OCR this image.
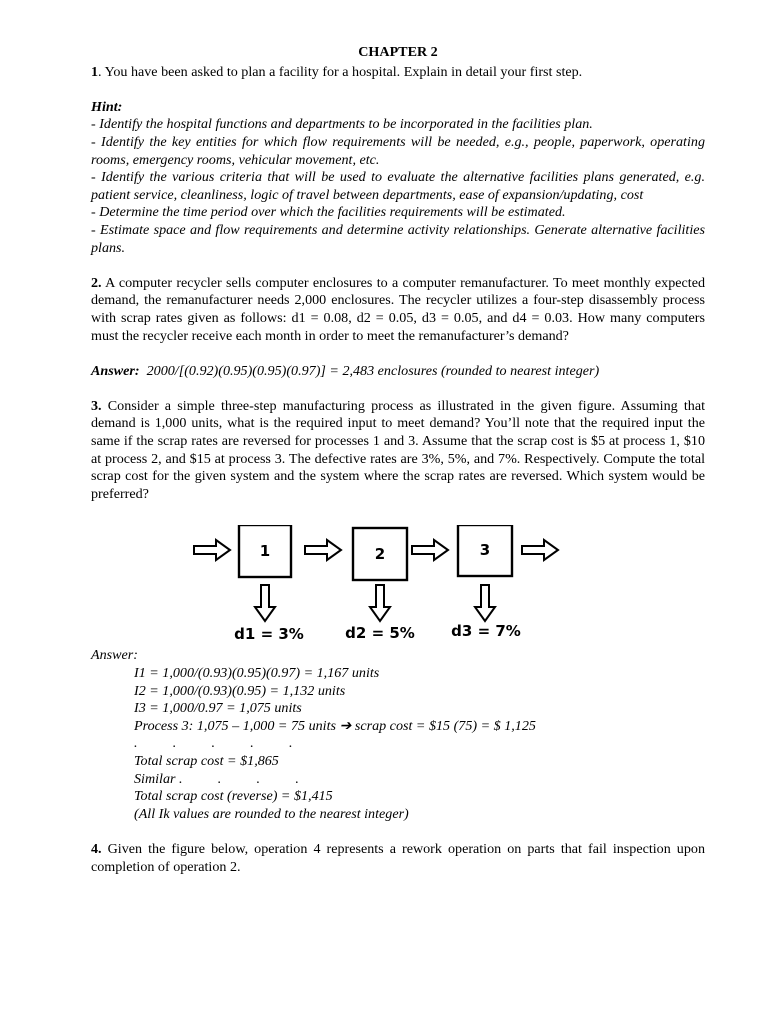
CHAPTER 2

1. You have been asked to plan a facility for a hospital. Explain in detail your first step.

Hint:

- Identify the hospital functions and departments to be incorporated in the facilities plan.

- Identify the key entities for which flow requirements will be needed, e.g., people, paperwork, operating rooms, emergency rooms, vehicular movement, etc.

- Identify the various criteria that will be used to evaluate the alternative facilities plans generated, e.g. patient service, cleanliness, logic of travel between departments, ease of expansion/updating, cost

- Determine the time period over which the facilities requirements will be estimated.

- Estimate space and flow requirements and determine activity relationships. Generate alternative facilities plans.

2. A computer recycler sells computer enclosures to a computer remanufacturer. To meet monthly expected demand, the remanufacturer needs 2,000 enclosures. The recycler utilizes a four-step disassembly process with scrap rates given as follows: d1 = 0.08, d2 = 0.05, d3 = 0.05, and d4 = 0.03. How many computers must the recycler receive each month in order to meet the remanufacturer’s demand?

Answer: 2000/[(0.92)(0.95)(0.95)(0.97)] = 2,483 enclosures (rounded to nearest integer)

3. Consider a simple three-step manufacturing process as illustrated in the given figure. Assuming that demand is 1,000 units, what is the required input to meet demand? You’ll note that the required input the same if the scrap rates are reversed for processes 1 and 3. Assume that the scrap cost is $5 at process 1, $10 at process 2, and $15 at process 3. The defective rates are 3%, 5%, and 7%. Respectively. Compute the total scrap cost for the given system and the system where the scrap rates are reversed. Which system would be preferred?

1	2	3
d1 = 3%	d2 = 5% d3 = 7%

Answer:

I1 = 1,000/(0.93)(0.95)(0.97) = 1,167 units

I2 = 1,000/(0.93)(0.95) = 1,132 units

I3 = 1,000/0.97 = 1,075 units

Process 3: 1,075 – 1,000 = 75 units ➔ scrap cost = $15 (75) = $ 1,125

.          .          .          .          .

Total scrap cost = $1,865

Similar . .          .          .

Total scrap cost (reverse) = $1,415

(All Ik values are rounded to the nearest integer)

4. Given the figure below, operation 4 represents a rework operation on parts that fail inspection upon completion of operation 2.
